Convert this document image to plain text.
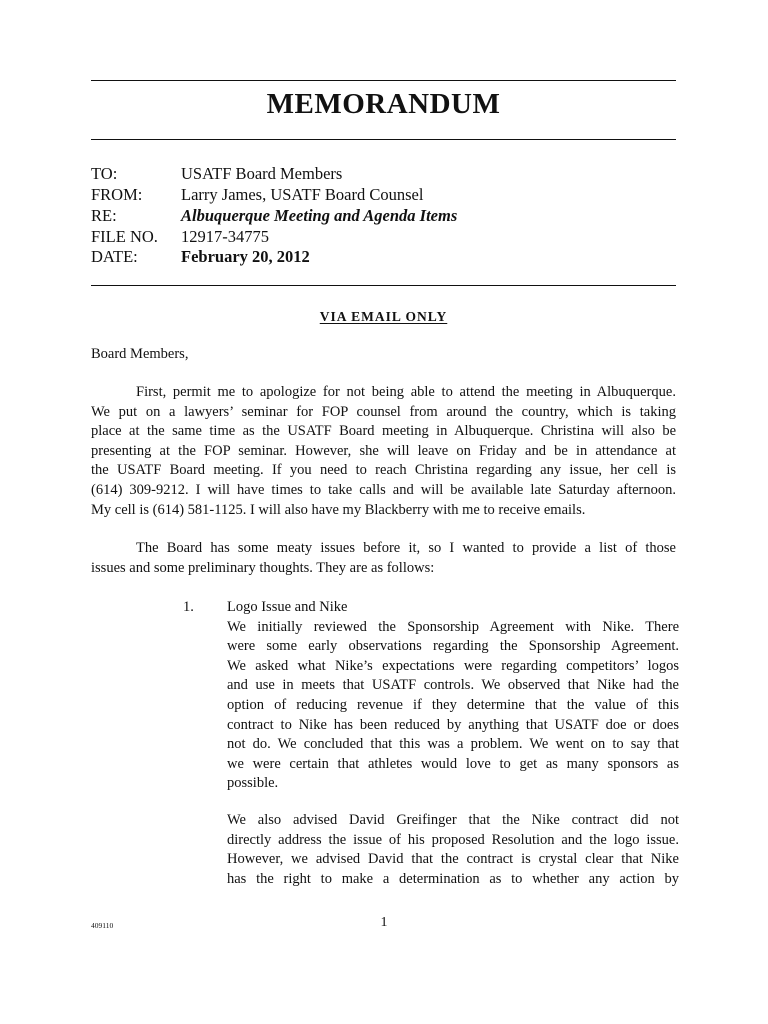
MEMORANDUM
TO:	USATF Board Members
FROM: Larry James, USATF Board Counsel
RE:	Albuquerque Meeting and Agenda Items
FILE NO. 12917-34775
DATE:	February 20, 2012
VIA EMAIL ONLY
Board Members,
First, permit me to apologize for not being able to attend the meeting in Albuquerque.
We put on a lawyers’ seminar for FOP counsel from around the country, which is taking
place at the same time as the USATF Board meeting in Albuquerque. Christina will also be
presenting at the FOP seminar. However, she will leave on Friday and be in attendance at
the USATF Board meeting. If you need to reach Christina regarding any issue, her cell is
(614) 309-9212. I will have times to take calls and will be available late Saturday afternoon.
My cell is (614) 581-1125. I will also have my Blackberry with me to receive emails.
The Board has some meaty issues before it, so I wanted to provide a list of those
issues and some preliminary thoughts. They are as follows:
1. Logo Issue and Nike
We initially reviewed the Sponsorship Agreement with Nike. There
were some early observations regarding the Sponsorship Agreement.
We asked what Nike’s expectations were regarding competitors’ logos
and use in meets that USATF controls. We observed that Nike had the
option of reducing revenue if they determine that the value of this
contract to Nike has been reduced by anything that USATF doe or does
not do. We concluded that this was a problem. We went on to say that
we were certain that athletes would love to get as many sponsors as
possible.
We also advised David Greifinger that the Nike contract did not
directly address the issue of his proposed Resolution and the logo issue.
However, we advised David that the contract is crystal clear that Nike
has the right to make a determination as to whether any action by
409110	1
